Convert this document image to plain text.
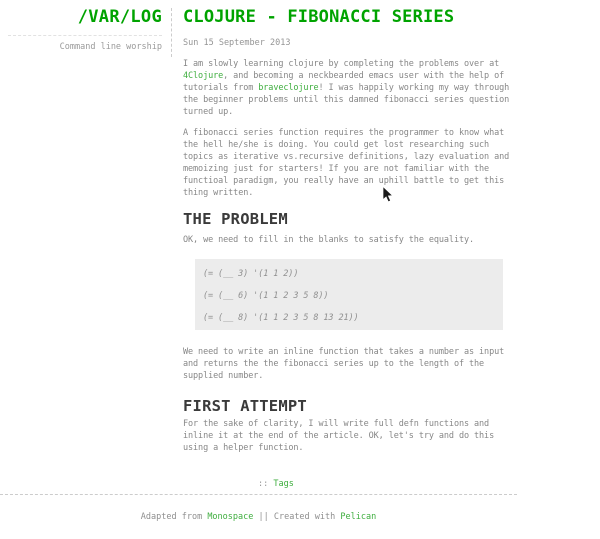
/VAR/LOG
Command line worship
CLOJURE - FIBONACCI SERIES
Sun 15 September 2013

I am slowly learning clojure by completing the problems over at 4Clojure, and becoming a neckbearded emacs user with the help of tutorials from braveclojure! I was happily working my way through the beginner problems until this damned fibonacci series question turned up.

A fibonacci series function requires the programmer to know what the hell he/she is doing. You could get lost researching such topics as iterative vs.recursive definitions, lazy evaluation and memoizing just for starters! If you are not familiar with the functioal paradigm, you really have an uphill battle to get this thing written.

THE PROBLEM

OK, we need to fill in the blanks to satisfy the equality.

(= (__ 3) '(1 1 2))
(= (__ 6) '(1 1 2 3 5 8))
(= (__ 8) '(1 1 2 3 5 8 13 21))

We need to write an inline function that takes a number as input and returns the the fibonacci series up to the length of the supplied number.

FIRST ATTEMPT

For the sake of clarity, I will write full defn functions and inline it at the end of the article. OK, let's try and do this using a helper function.

:: Tags
Adapted from Monospace || Created with Pelican
